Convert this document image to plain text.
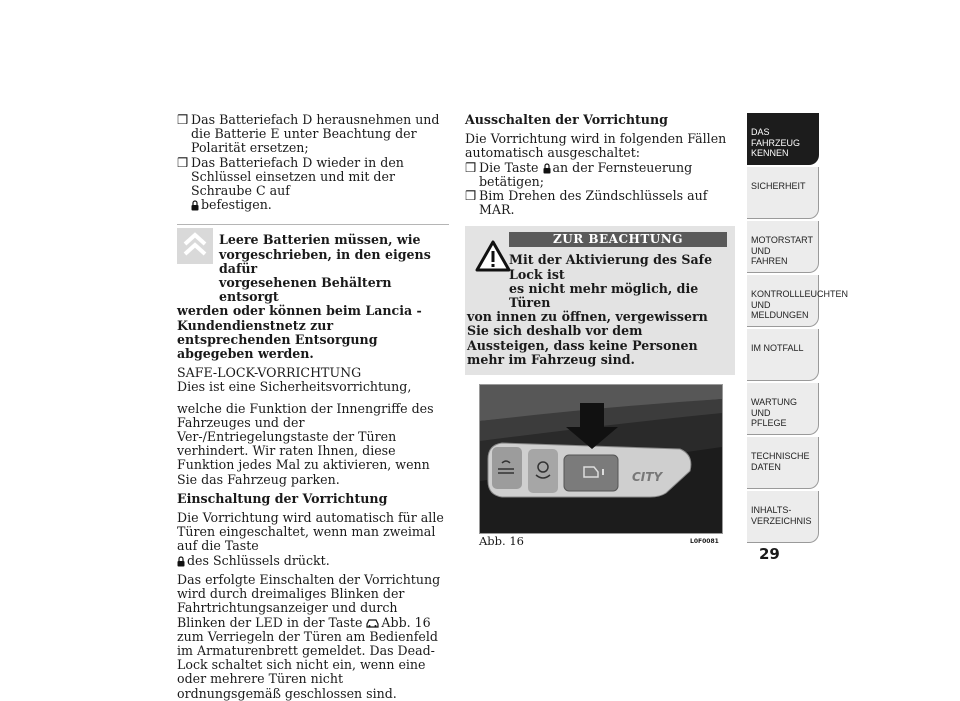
❒ Das Batteriefach D herausnehmen und die Batterie E unter Beachtung der Polarität ersetzen;

❒ Das Batteriefach D wieder in den Schlüssel einsetzen und mit der Schraube C auf

befestigen.

Leere Batterien müssen, wie
vorgeschrieben, in den eigens dafür
vorgesehenen Behältern entsorgt
werden oder können beim Lancia -Kundendienstnetz zur entsprechenden Entsorgung abgegeben werden.

SAFE-LOCK-VORRICHTUNG

Dies ist eine Sicherheitsvorrichtung,

welche die Funktion der Innengriffe des Fahrzeuges und der Ver-/Entriegelungstaste der Türen verhindert. Wir raten Ihnen, diese Funktion jedes Mal zu aktivieren, wenn Sie das Fahrzeug parken.

Einschaltung der Vorrichtung

Die Vorrichtung wird automatisch für alle Türen eingeschaltet, wenn man zweimal auf die Taste

des Schlüssels drückt.

Das erfolgte Einschalten der Vorrichtung wird durch dreimaliges Blinken der Fahrtrichtungsanzeiger und durch Blinken der LED in der Taste Abb. 16 zum Verriegeln der Türen am Bedienfeld im Armaturenbrett gemeldet. Das Dead-Lock schaltet sich nicht ein, wenn eine oder mehrere Türen nicht ordnungsgemäß geschlossen sind.

Ausschalten der Vorrichtung

Die Vorrichtung wird in folgenden Fällen automatisch ausgeschaltet:

❒ Die Taste an der Fernsteuerung betätigen;

❒ Bim Drehen des Zündschlüssels auf MAR.

ZUR BEACHTUNG
Mit der Aktivierung des Safe Lock ist
es nicht mehr möglich, die Türen
von innen zu öffnen, vergewissern Sie sich deshalb vor dem Aussteigen, dass keine Personen mehr im Fahrzeug sind.
CITY
Abb. 16	L0F0081
DAS FAHRZEUG
KENNEN
SICHERHEIT
MOTORSTART UND
FAHREN
KONTROLLLEUCHTEN
UND MELDUNGEN
IM NOTFALL
WARTUNG UND
PFLEGE
TECHNISCHE
DATEN
INHALTS-
VERZEICHNIS
29
